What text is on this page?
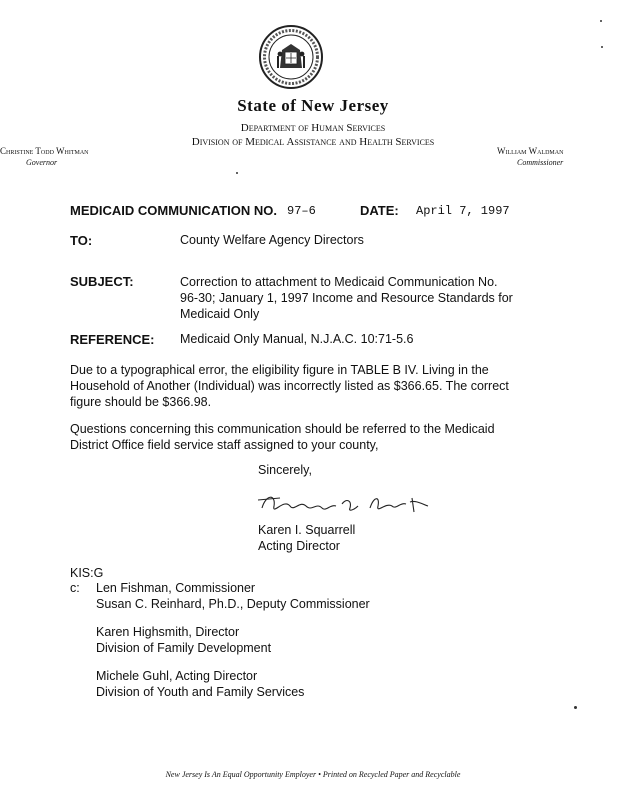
State of New Jersey
Department of Human Services
Division of Medical Assistance and Health Services
Christine Todd Whitman
Governor
William Waldman
Commissioner
MEDICAID COMMUNICATION NO. 97–6	DATE: April 7, 1997
TO:	County Welfare Agency Directors
SUBJECT:	Correction to attachment to Medicaid Communication No.
96-30; January 1, 1997 Income and Resource Standards for
Medicaid Only
REFERENCE: Medicaid Only Manual, N.J.A.C. 10:71-5.6
Due to a typographical error, the eligibility figure in TABLE B IV. Living in the
Household of Another (Individual) was incorrectly listed as $366.65. The correct
figure should be $366.98.
Questions concerning this communication should be referred to the Medicaid
District Office field service staff assigned to your county,
Sincerely,
Karen I. Squarrell
Acting Director
KIS:G
c: Len Fishman, Commissioner
Susan C. Reinhard, Ph.D., Deputy Commissioner
Karen Highsmith, Director
Division of Family Development
Michele Guhl, Acting Director
Division of Youth and Family Services
New Jersey Is An Equal Opportunity Employer • Printed on Recycled Paper and Recyclable
